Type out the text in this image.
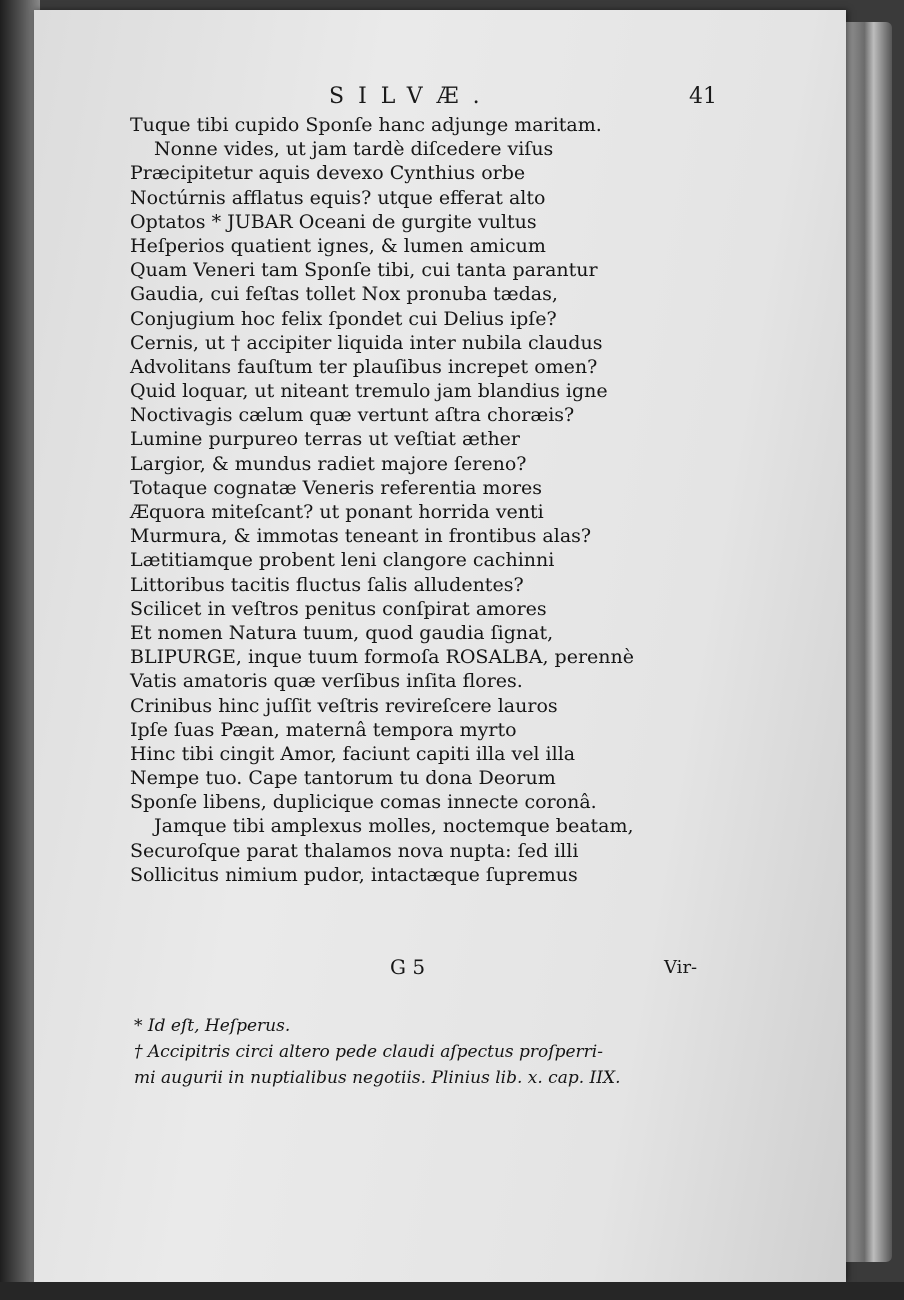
SILVÆ.	41
Tuque tibi cupido Sponſe hanc adjunge maritam.
Nonne vides, ut jam tardè diſcedere viſus
Præcipitetur aquis devexo Cynthius orbe
Noctúrnis afflatus equis? utque efferat alto
Optatos * JUBAR Oceani de gurgite vultus
Heſperios quatient ignes, & lumen amicum
Quam Veneri tam Sponſe tibi, cui tanta parantur
Gaudia, cui feſtas tollet Nox pronuba tædas,
Conjugium hoc felix ſpondet cui Delius ipſe?
Cernis, ut † accipiter liquida inter nubila claudus
Advolitans fauſtum ter plauſibus increpet omen?
Quid loquar, ut niteant tremulo jam blandius igne
Noctivagis cælum quæ vertunt aſtra choræis?
Lumine purpureo terras ut veſtiat æther
Largior, & mundus radiet majore ſereno?
Totaque cognatæ Veneris referentia mores
Æquora miteſcant? ut ponant horrida venti
Murmura, & immotas teneant in frontibus alas?
Lætitiamque probent leni clangore cachinni
Littoribus tacitis fluctus ſalis alludentes?
Scilicet in veſtros penitus conſpirat amores
Et nomen Natura tuum, quod gaudia ſignat,
BLIPURGE, inque tuum formoſa ROSALBA, perennè
Vatis amatoris quæ verſibus inſita flores.
Crinibus hinc juſſit veſtris revireſcere lauros
Ipſe ſuas Pæan, maternâ tempora myrto
Hinc tibi cingit Amor, faciunt capiti illa vel illa
Nempe tuo. Cape tantorum tu dona Deorum
Sponſe libens, duplicique comas innecte coronâ.
Jamque tibi amplexus molles, noctemque beatam,
Securoſque parat thalamos nova nupta: ſed illi
Sollicitus nimium pudor, intactæque ſupremus
G 5	Vir-
* Id eſt, Heſperus.
† Accipitris circi altero pede claudi aſpectus proſperri-
mi augurii in nuptialibus negotiis. Plinius lib. x. cap. IIX.
